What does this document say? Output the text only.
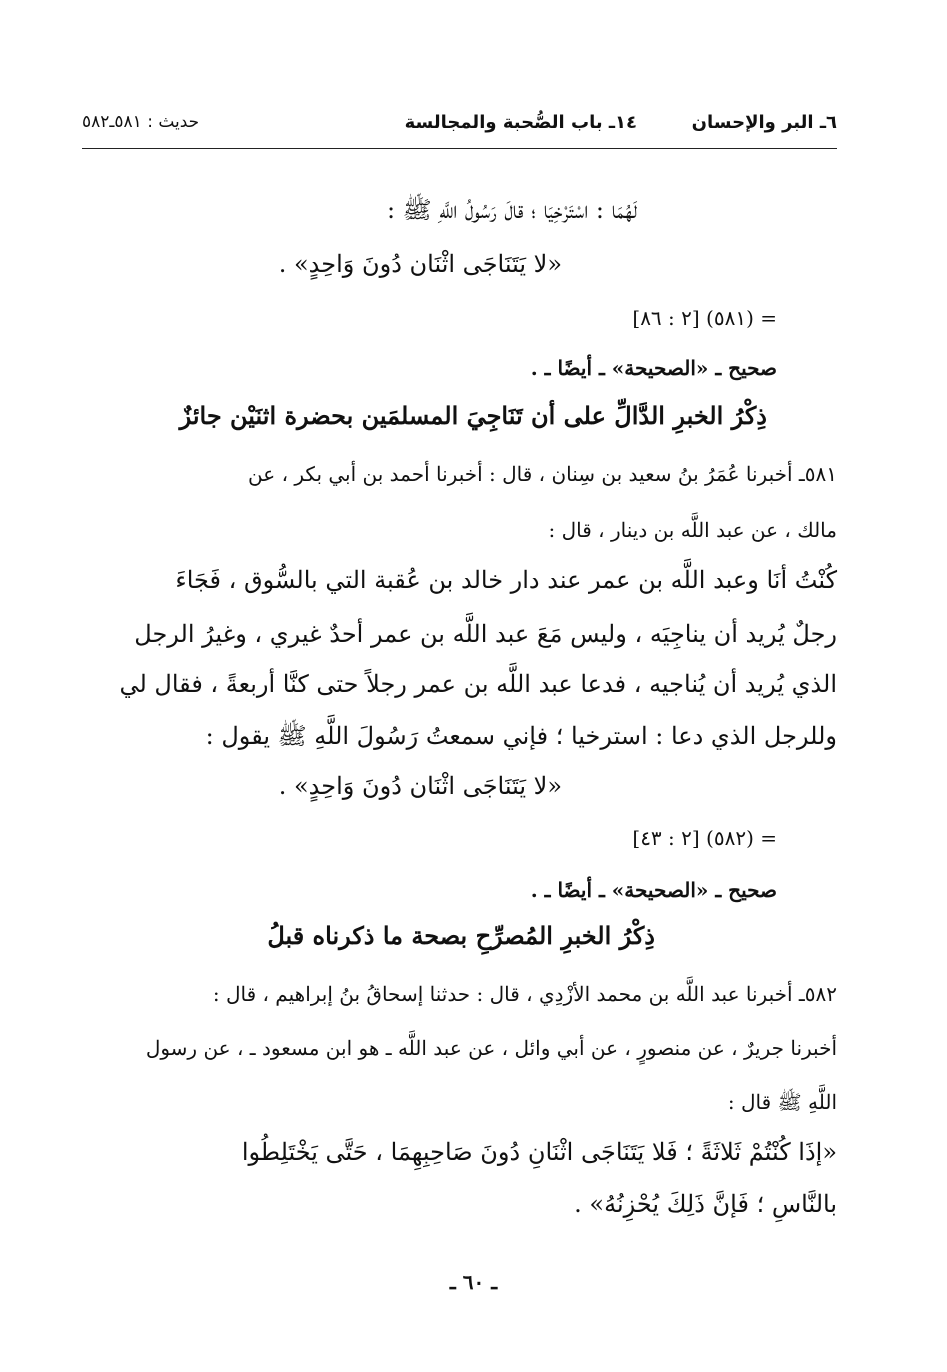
٦ـ البر والإحسان
١٤ـ باب الصُّحبة والمجالسة
حديث : ٥٨١ـ٥٨٢
لَهُمَا : اسْتَرْخِيَا ؛ قالَ رَسُولُ اللَّهِ ﷺ :
«لا يَتَنَاجَى اثْنَان دُونَ وَاحِدٍ» .
= (٥٨١) [٢ : ٨٦]
صحيح ـ «الصحيحة» ـ أيضًا ـ .
ذِكْرُ الخبرِ الدَّالِّ على أن تَنَاجِيَ المسلمَين بحضرة اثنَيْن جائزٌ
٥٨١ـ أخبرنا عُمَرُ بنُ سعيد بن سِنان ، قال : أخبرنا أحمد بن أبي بكر ، عن
مالك ، عن عبد اللَّه بن دينار ، قال :
كُنْتُ أنَا وعبد اللَّه بن عمر عند دار خالد بن عُقبة التي بالسُّوق ، فَجَاءَ
رجلٌ يُريد أن يناجِيَه ، وليس مَعَ عبد اللَّه بن عمر أحدٌ غيري ، وغيرُ الرجل
الذي يُريد أن يُناجيه ، فدعا عبد اللَّه بن عمر رجلاً حتى كنَّا أربعةً ، فقال لي
وللرجل الذي دعا : استرخيا ؛ فإني سمعتُ رَسُولَ اللَّهِ ﷺ يقول :
«لا يَتَنَاجَى اثْنَان دُونَ وَاحِدٍ» .
= (٥٨٢) [٢ : ٤٣]
صحيح ـ «الصحيحة» ـ أيضًا ـ .
ذِكْرُ الخبرِ المُصرِّحِ بصحة ما ذكرناه قبلُ
٥٨٢ـ أخبرنا عبد اللَّه بن محمد الأزْدِي ، قال : حدثنا إسحاقُ بنُ إبراهيم ، قال :
أخبرنا جريرٌ ، عن منصورٍ ، عن أبي وائل ، عن عبد اللَّه ـ هو ابن مسعود ـ ، عن رسول
اللَّهِ ﷺ قال :
«إذَا كُنْتُمْ ثَلاثَةً ؛ فَلا يَتَنَاجَى اثْنَانِ دُونَ صَاحِبِهِمَا ، حَتَّى يَخْتَلِطُوا
بالنَّاسِ ؛ فَإنَّ ذَلِكَ يُحْزِنُهُ» .
ـ ٦٠ ـ
